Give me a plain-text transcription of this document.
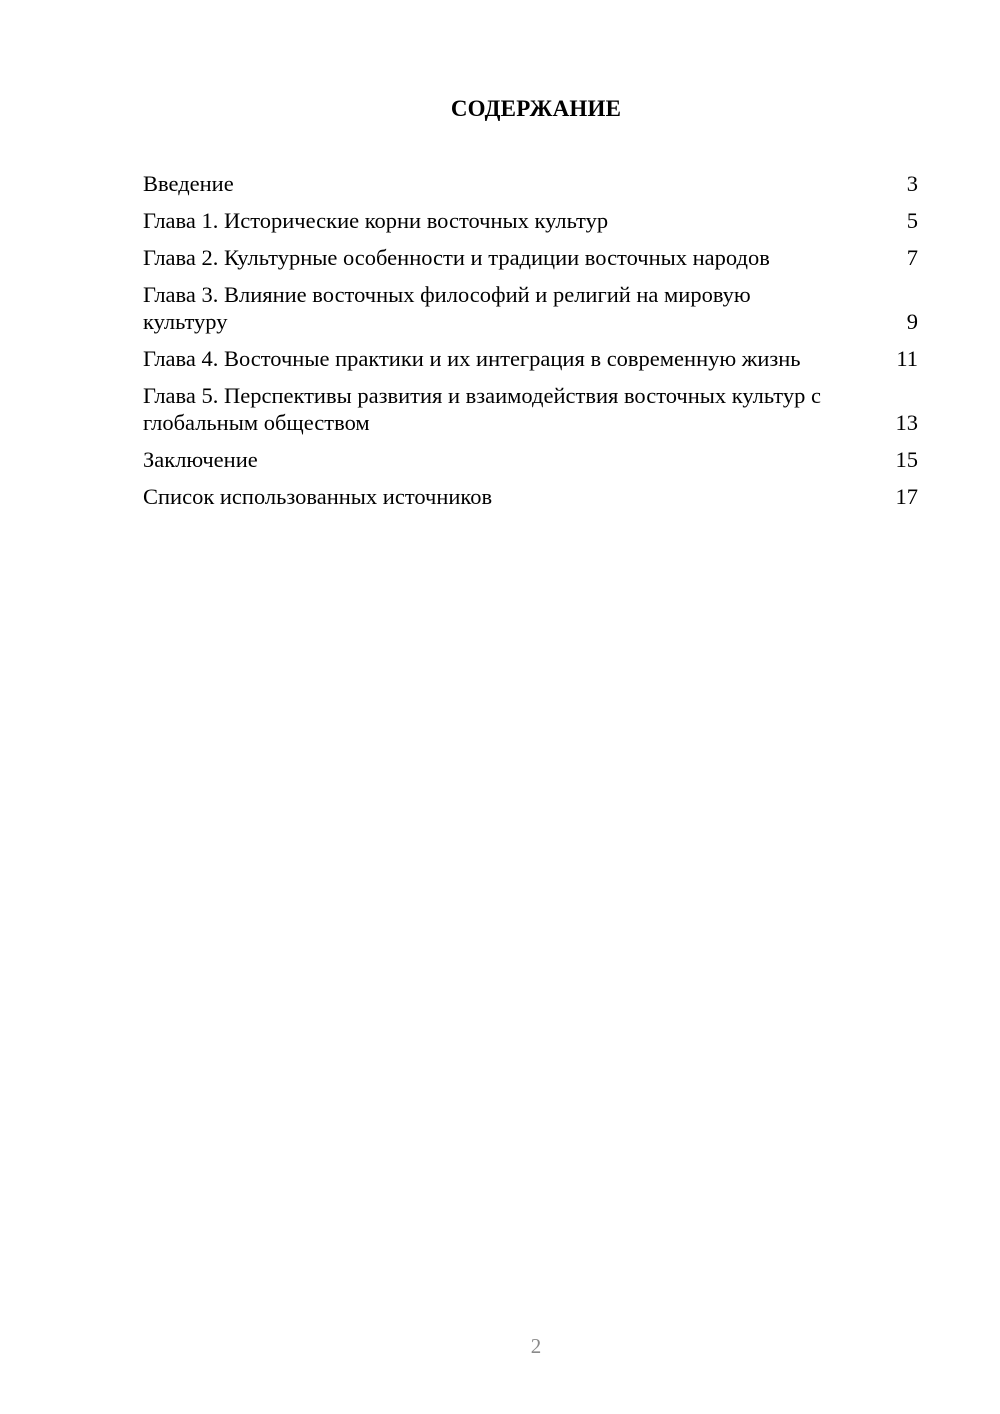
СОДЕРЖАНИЕ
Введение	3
Глава 1. Исторические корни восточных культур	5
Глава 2. Культурные особенности и традиции восточных народов	7
Глава 3. Влияние восточных философий и религий на мировую культуру	9
Глава 4. Восточные практики и их интеграция в современную жизнь	11
Глава 5. Перспективы развития и взаимодействия восточных культур с глобальным обществом	13
Заключение	15
Список использованных источников	17
2
